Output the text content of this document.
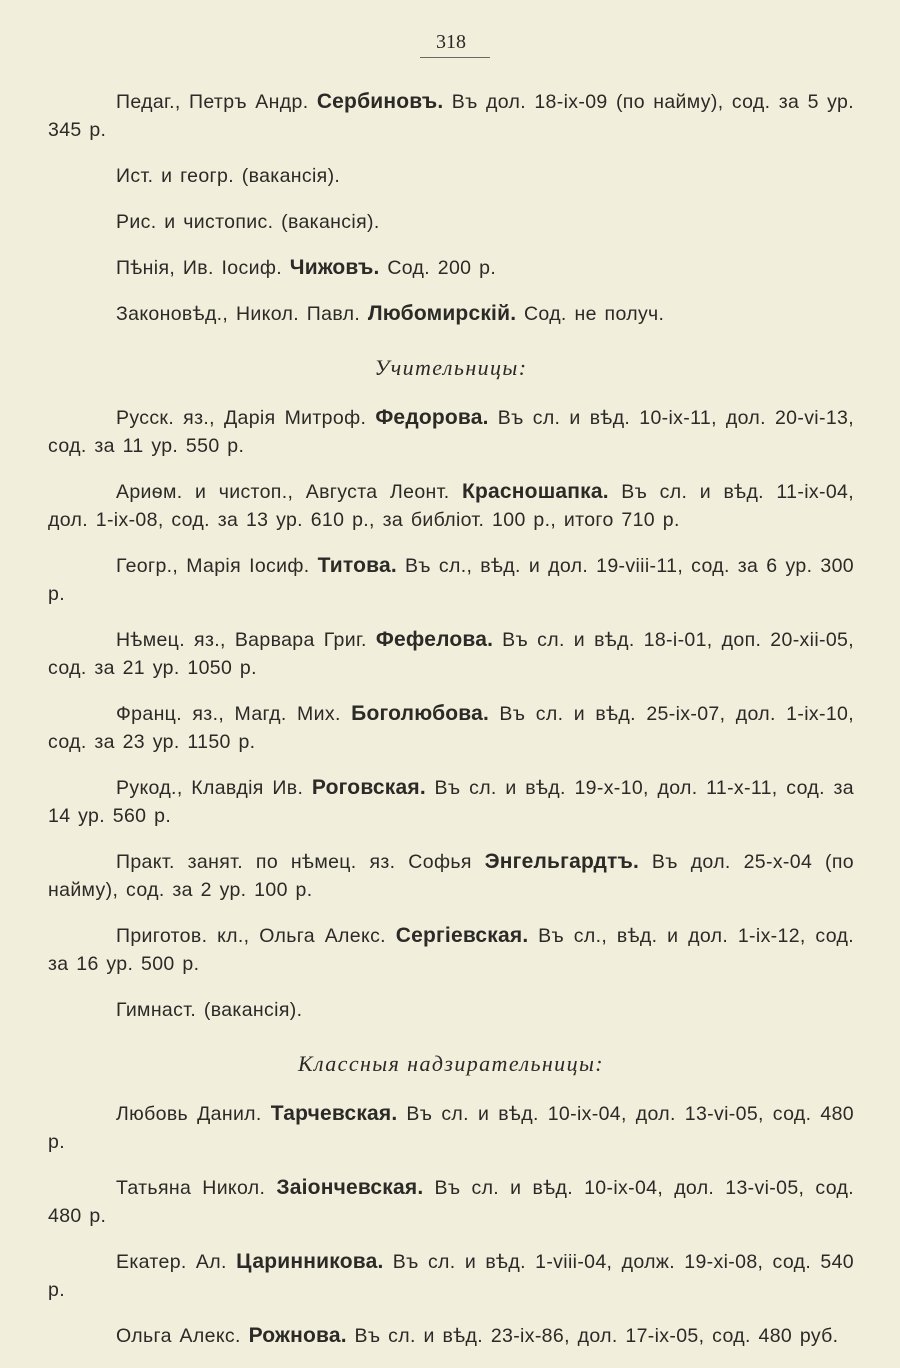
318

Педаг., Петръ Андр. Сербиновъ. Въ дол. 18-ix-09 (по найму), сод. за 5 ур. 345 р.

Ист. и геогр. (вакансія).

Рис. и чистопис. (вакансія).

Пѣнія, Ив. Іосиф. Чижовъ. Сод. 200 р.

Законовѣд., Никол. Павл. Любомирскій. Сод. не получ.

Учительницы:

Русск. яз., Дарія Митроф. Федорова. Въ сл. и вѣд. 10-ix-11, дол. 20-vi-13, сод. за 11 ур. 550 р.

Ариѳм. и чистоп., Августа Леонт. Красношапка. Въ сл. и вѣд. 11-ix-04, дол. 1-ix-08, сод. за 13 ур. 610 р., за библiот. 100 р., итого 710 р.

Геогр., Марія Іосиф. Титова. Въ сл., вѣд. и дол. 19-viii-11, сод. за 6 ур. 300 р.

Нѣмец. яз., Варвара Григ. Фефелова. Въ сл. и вѣд. 18-i-01, доп. 20-xii-05, сод. за 21 ур. 1050 р.

Франц. яз., Магд. Мих. Боголюбова. Въ сл. и вѣд. 25-ix-07, дол. 1-ix-10, сод. за 23 ур. 1150 р.

Рукод., Клавдія Ив. Роговская. Въ сл. и вѣд. 19-x-10, дол. 11-x-11, сод. за 14 ур. 560 р.

Практ. занят. по нѣмец. яз. Софья Энгельгардтъ. Въ дол. 25-x-04 (по найму), сод. за 2 ур. 100 р.

Приготов. кл., Ольга Алекс. Сергіевская. Въ сл., вѣд. и дол. 1-ix-12, сод. за 16 ур. 500 р.

Гимнаст. (вакансія).

Классныя надзирательницы:

Любовь Данил. Тарчевская. Въ сл. и вѣд. 10-ix-04, дол. 13-vi-05, сод. 480 р.

Татьяна Никол. Заіончевская. Въ сл. и вѣд. 10-ix-04, дол. 13-vi-05, сод. 480 р.

Екатер. Ал. Царинникова. Въ сл. и вѣд. 1-viii-04, долж. 19-xi-08, сод. 540 р.

Ольга Алекс. Рожнова. Въ сл. и вѣд. 23-ix-86, дол. 17-ix-05, сод. 480 руб.
